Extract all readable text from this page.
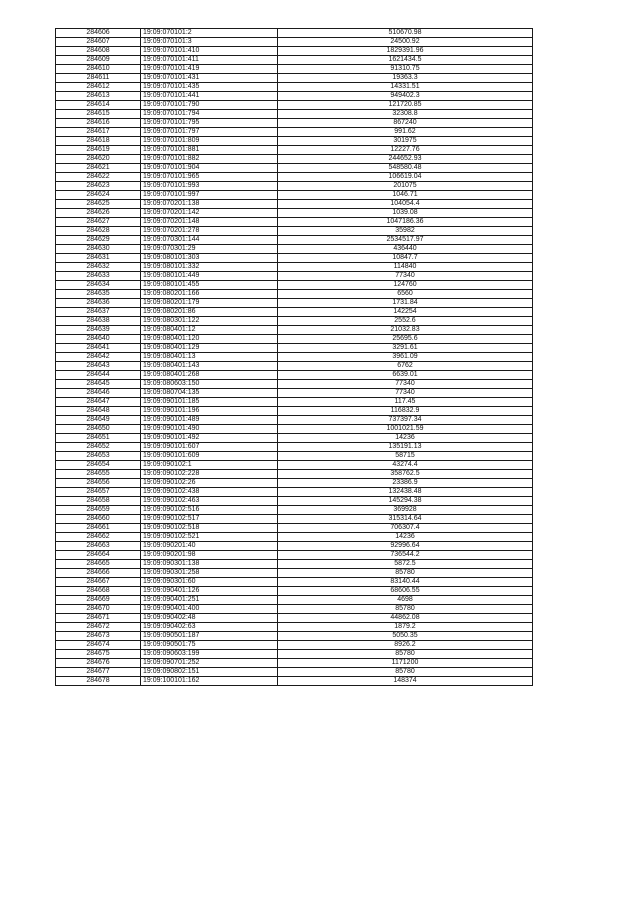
284606	19:09:070101:2	510670.98
284607	19:09:070101:3	24500.92
284608	19:09:070101:410	1829391.96
284609	19:09:070101:411	1621434.5
284610	19:09:070101:419	91310.75
284611	19:09:070101:431	19363.3
284612	19:09:070101:435	14331.51
284613	19:09:070101:441	949402.3
284614	19:09:070101:790	121720.85
284615	19:09:070101:794	32308.8
284616	19:09:070101:795	867240
284617	19:09:070101:797	991.62
284618	19:09:070101:809	301975
284619	19:09:070101:881	12227.76
284620	19:09:070101:882	244652.93
284621	19:09:070101:904	548580.48
284622	19:09:070101:965	106619.04
284623	19:09:070101:993	201075
284624	19:09:070101:997	1046.71
284625	19:09:070201:138	104054.4
284626	19:09:070201:142	1039.08
284627	19:09:070201:148	1047186.36
284628	19:09:070201:278	35982
284629	19:09:070301:144	2534517.97
284630	19:09:070301:29	436440
284631	19:09:080101:303	10847.7
284632	19:09:080101:332	114840
284633	19:09:080101:449	77340
284634	19:09:080101:455	124760
284635	19:09:080201:166	6560
284636	19:09:080201:179	1731.84
284637	19:09:080201:86	142254
284638	19:09:080301:122	2552.6
284639	19:09:080401:12	21032.83
284640	19:09:080401:120	25695.6
284641	19:09:080401:129	3291.61
284642	19:09:080401:13	3961.09
284643	19:09:080401:143	6762
284644	19:09:080401:268	6639.01
284645	19:09:080603:150	77340
284646	19:09:080704:135	77340
284647	19:09:090101:185	117.45
284648	19:09:090101:196	116832.9
284649	19:09:090101:489	737397.34
284650	19:09:090101:490	1001021.59
284651	19:09:090101:492	14236
284652	19:09:090101:607	135191.13
284653	19:09:090101:609	58715
284654	19:09:090102:1	43274.4
284655	19:09:090102:228	358762.5
284656	19:09:090102:26	23386.9
284657	19:09:090102:438	132438.48
284658	19:09:090102:463	145294.38
284659	19:09:090102:516	369928
284660	19:09:090102:517	315314.64
284661	19:09:090102:518	706307.4
284662	19:09:090102:521	14236
284663	19:09:090201:40	92996.64
284664	19:09:090201:98	736544.2
284665	19:09:090301:138	5872.5
284666	19:09:090301:258	85780
284667	19:09:090301:60	83140.44
284668	19:09:090401:126	68606.55
284669	19:09:090401:251	4698
284670	19:09:090401:400	85780
284671	19:09:090402:48	44862.08
284672	19:09:090402:63	1879.2
284673	19:09:090501:187	5050.35
284674	19:09:090501:75	8926.2
284675	19:09:090603:199	85780
284676	19:09:090701:252	1171200
284677	19:09:090802:151	85780
284678	19:09:100101:162	148374
